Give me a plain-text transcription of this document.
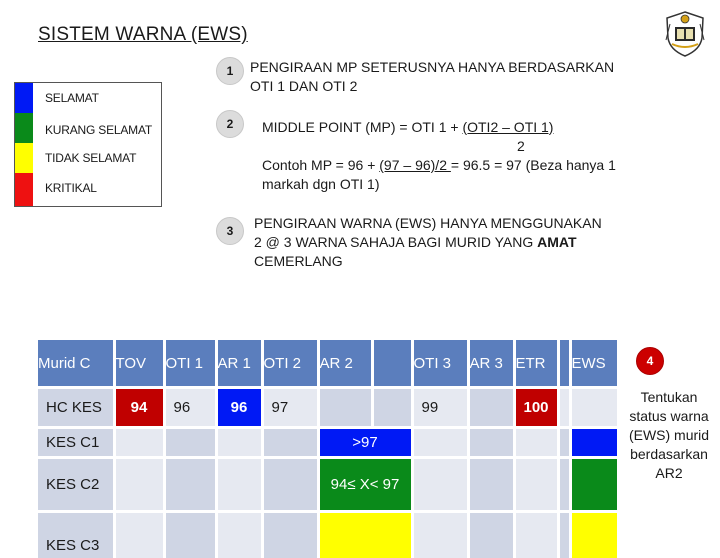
SISTEM WARNA (EWS)
SELAMAT
KURANG SELAMAT
TIDAK SELAMAT
KRITIKAL
1	PENGIRAAN MP SETERUSNYA HANYA BERDASARKAN
OTI 1 DAN OTI 2
2	MIDDLE POINT (MP) = OTI 1 + (OTI2 – OTI 1)
2
Contoh MP = 96 + (97 – 96)/2 = 96.5 = 97 (Beza hanya 1
markah dgn OTI 1)
3	PENGIRAAN WARNA (EWS) HANYA MENGGUNAKAN
2 @ 3 WARNA SAHAJA BAGI MURID YANG AMAT
CEMERLANG
Murid C	TOV	OTI 1	AR 1	OTI 2	AR 2		OTI 3	AR 3	ETR		EWS
HC KES	94	96	96	97			99		100		
KES C1					>97						
KES C2					94≤ X< 97						
KES C3											
4
Tentukan status warna (EWS) murid berdasarkan AR2
